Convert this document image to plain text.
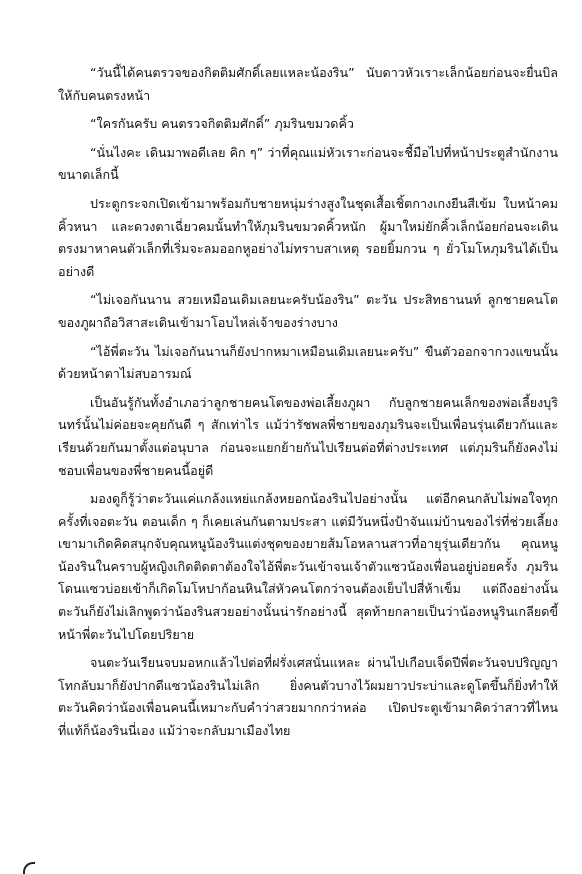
“วันนี้ได้คนตรวจของกิตติมศักดิ์เลยแหละน้องริน” นับดาวหัวเราะเล็กน้อยก่อนจะยื่นบิลให้กับคนตรงหน้า

“ใครกันครับ คนตรวจกิตติมศักดิ์” ภุมรินขมวดคิ้ว

“นั่นไงคะ เดินมาพอดีเลย คิก ๆ” ว่าที่คุณแม่หัวเราะก่อนจะชี้มือไปที่หน้าประตูสำนักงานขนาดเล็กนี้

ประตูกระจกเปิดเข้ามาพร้อมกับชายหนุ่มร่างสูงในชุดเสื้อเชิ้ตกางเกงยีนสีเข้ม ใบหน้าคม คิ้วหนา และดวงตาเฉี่ยวคมนั้นทำให้ภุมรินขมวดคิ้วหนัก ผู้มาใหม่ยักคิ้วเล็กน้อยก่อนจะเดินตรงมาหาคนตัวเล็กที่เริ่มจะลมออกหูอย่างไม่ทราบสาเหตุ รอยยิ้มกวน ๆ ยั่วโมโหภุมรินได้เป็นอย่างดี

“ไม่เจอกันนาน สวยเหมือนเดิมเลยนะครับน้องริน” ตะวัน ประสิทธานนท์ ลูกชายคนโตของภูผาถือวิสาสะเดินเข้ามาโอบไหล่เจ้าของร่างบาง

“ไอ้พี่ตะวัน ไม่เจอกันนานก็ยังปากหมาเหมือนเดิมเลยนะครับ” ขืนตัวออกจากวงแขนนั้นด้วยหน้าตาไม่สบอารมณ์

เป็นอันรู้กันทั้งอำเภอว่าลูกชายคนโตของพ่อเลี้ยงภูผา กับลูกชายคนเล็กของพ่อเลี้ยงบุรินทร์นั้นไม่ค่อยจะคุยกันดี ๆ สักเท่าไร แม้ว่ารัชพลพี่ชายของภุมรินจะเป็นเพื่อนรุ่นเดียวกันและเรียนด้วยกันมาตั้งแต่อนุบาล ก่อนจะแยกย้ายกันไปเรียนต่อที่ต่างประเทศ แต่ภุมรินก็ยังคงไม่ชอบเพื่อนของพี่ชายคนนี้อยู่ดี

มองดูก็รู้ว่าตะวันแค่แกล้งแหย่แกล้งหยอกน้องรินไปอย่างนั้น แต่อีกคนกลับไม่พอใจทุกครั้งที่เจอตะวัน ตอนเด็ก ๆ ก็เคยเล่นกันตามประสา แต่มีวันหนึ่งป้าจันแม่บ้านของไร่ที่ช่วยเลี้ยงเขามาเกิดคิดสนุกจับคุณหนูน้องรินแต่งชุดของยายส้มโอหลานสาวที่อายุรุ่นเดียวกัน คุณหนูน้องรินในคราบผู้หญิงเกิดติดตาต้องใจไอ้พี่ตะวันเข้าจนเจ้าตัวแซวน้องเพื่อนอยู่บ่อยครั้ง ภุมรินโดนแซวบ่อยเข้าก็เกิดโมโหปาก้อนหินใส่หัวคนโตกว่าจนต้องเย็บไปสี่ห้าเข็ม แต่ถึงอย่างนั้นตะวันก็ยังไม่เลิกพูดว่าน้องรินสวยอย่างนั้นน่ารักอย่างนี้ สุดท้ายกลายเป็นว่าน้องหนูรินเกลียดขี้หน้าพี่ตะวันไปโดยปริยาย

จนตะวันเรียนจบมอหกแล้วไปต่อที่ฝรั่งเศสนั่นแหละ ผ่านไปเกือบเจ็ดปีพี่ตะวันจบปริญญาโทกลับมาก็ยังปากดีแซวน้องรินไม่เลิก ยิ่งคนตัวบางไว้ผมยาวประบ่าและดูโตขึ้นก็ยิ่งทำให้ตะวันคิดว่าน้องเพื่อนคนนี้เหมาะกับคำว่าสวยมากกว่าหล่อ เปิดประตูเข้ามาคิดว่าสาวที่ไหน ที่แท้ก็น้องรินนี่เอง แม้ว่าจะกลับมาเมืองไทย
